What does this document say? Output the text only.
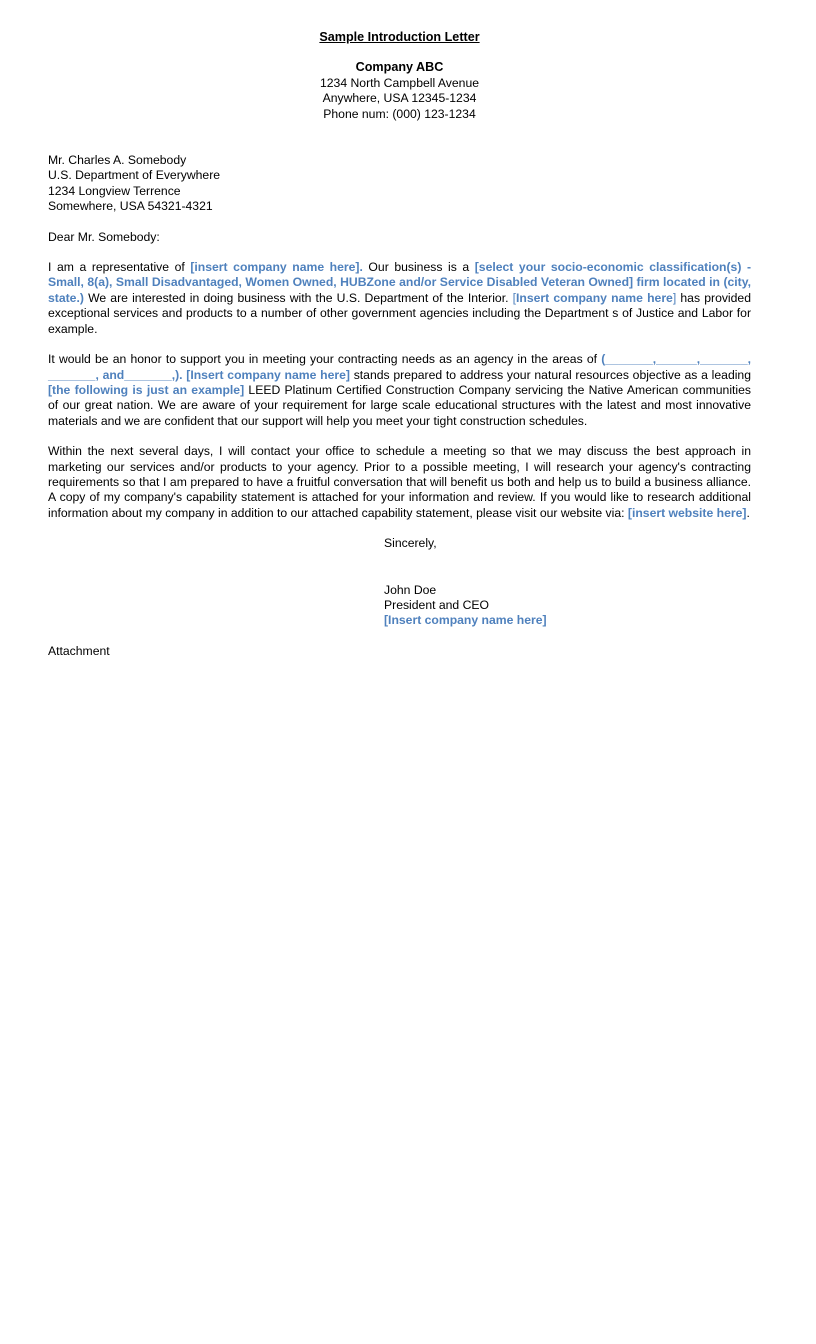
Sample Introduction Letter
Company ABC
1234 North Campbell Avenue
Anywhere, USA 12345-1234
Phone num: (000) 123-1234
Mr. Charles A. Somebody
U.S. Department of Everywhere
1234 Longview Terrence
Somewhere, USA 54321-4321
Dear Mr. Somebody:

I am a representative of [insert company name here]. Our business is a [select your socio-economic classification(s) - Small, 8(a), Small Disadvantaged, Women Owned, HUBZone and/or Service Disabled Veteran Owned] firm located in (city, state.) We are interested in doing business with the U.S. Department of the Interior. [Insert company name here] has provided exceptional services and products to a number of other government agencies including the Department s of Justice and Labor for example.

It would be an honor to support you in meeting your contracting needs as an agency in the areas of (_______,______,_______, _______, and_______,). [Insert company name here] stands prepared to address your natural resources objective as a leading [the following is just an example] LEED Platinum Certified Construction Company servicing the Native American communities of our great nation. We are aware of your requirement for large scale educational structures with the latest and most innovative materials and we are confident that our support will help you meet your tight construction schedules.

Within the next several days, I will contact your office to schedule a meeting so that we may discuss the best approach in marketing our services and/or products to your agency. Prior to a possible meeting, I will research your agency's contracting requirements so that I am prepared to have a fruitful conversation that will benefit us both and help us to build a business alliance. A copy of my company's capability statement is attached for your information and review. If you would like to research additional information about my company in addition to our attached capability statement, please visit our website via: [insert website here].

Sincerely,
John Doe
President and CEO
[Insert company name here]
Attachment
